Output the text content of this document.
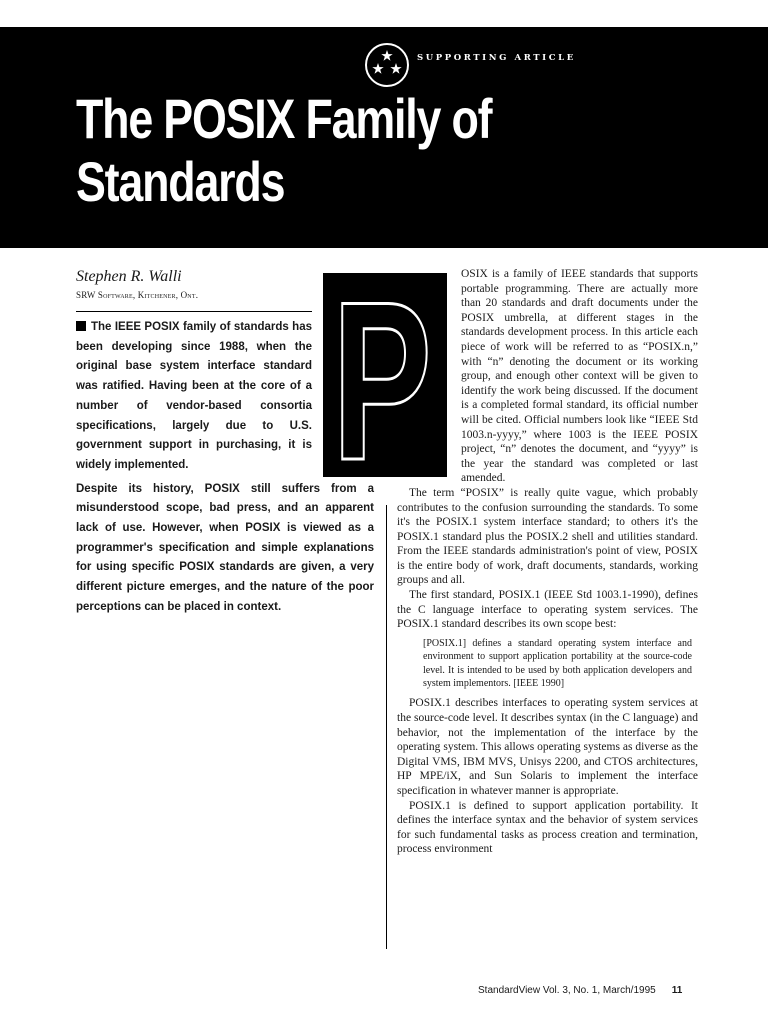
SUPPORTING ARTICLE
The POSIX Family of Standards
Stephen R. Walli
SRW Software, Kitchener, Ont.

The IEEE POSIX family of standards has been developing since 1988, when the original base system interface standard was ratified. Having been at the core of a number of vendor-based consortia specifications, largely due to U.S. government support in purchasing, it is widely implemented.

Despite its history, POSIX still suffers from a misunderstood scope, bad press, and an apparent lack of use. However, when POSIX is viewed as a programmer's specification and simple explanations for using specific POSIX standards are given, a very different picture emerges, and the nature of the poor perceptions can be placed in context.

P	OSIX is a family of IEEE standards that supports portable programming. There are actually more than 20 standards and draft documents under the POSIX umbrella, at different stages in the standards development process. In this article each piece of work will be referred to as “POSIX.n,” with “n” denoting the document or its working group, and enough other context will be given to identify the work being discussed. If the document is a completed formal standard, its official number will be cited. Official numbers look like “IEEE Std 1003.n-yyyy,” where 1003 is the IEEE POSIX project, “n” denotes the document, and “yyyy” is the year the standard was completed or last amended.

The term “POSIX” is really quite vague, which probably contributes to the confusion surrounding the standards. To some it's the POSIX.1 system interface standard; to others it's the POSIX.1 standard plus the POSIX.2 shell and utilities standard. From the IEEE standards administration's point of view, POSIX is the entire body of work, draft documents, standards, working groups and all.

The first standard, POSIX.1 (IEEE Std 1003.1-1990), defines the C language interface to operating system services. The POSIX.1 standard describes its own scope best:

[POSIX.1] defines a standard operating system interface and environment to support application portability at the source-code level. It is intended to be used by both application developers and system implementors. [IEEE 1990]

POSIX.1 describes interfaces to operating system services at the source-code level. It describes syntax (in the C language) and behavior, not the implementation of the interface by the operating system. This allows operating systems as diverse as the Digital VMS, IBM MVS, Unisys 2200, and CTOS architectures, HP MPE/iX, and Sun Solaris to implement the interface specification in whatever manner is appropriate.

POSIX.1 is defined to support application portability. It defines the interface syntax and the behavior of system services for such fundamental tasks as process creation and termination, process environment

StandardView Vol. 3, No. 1, March/1995 11
